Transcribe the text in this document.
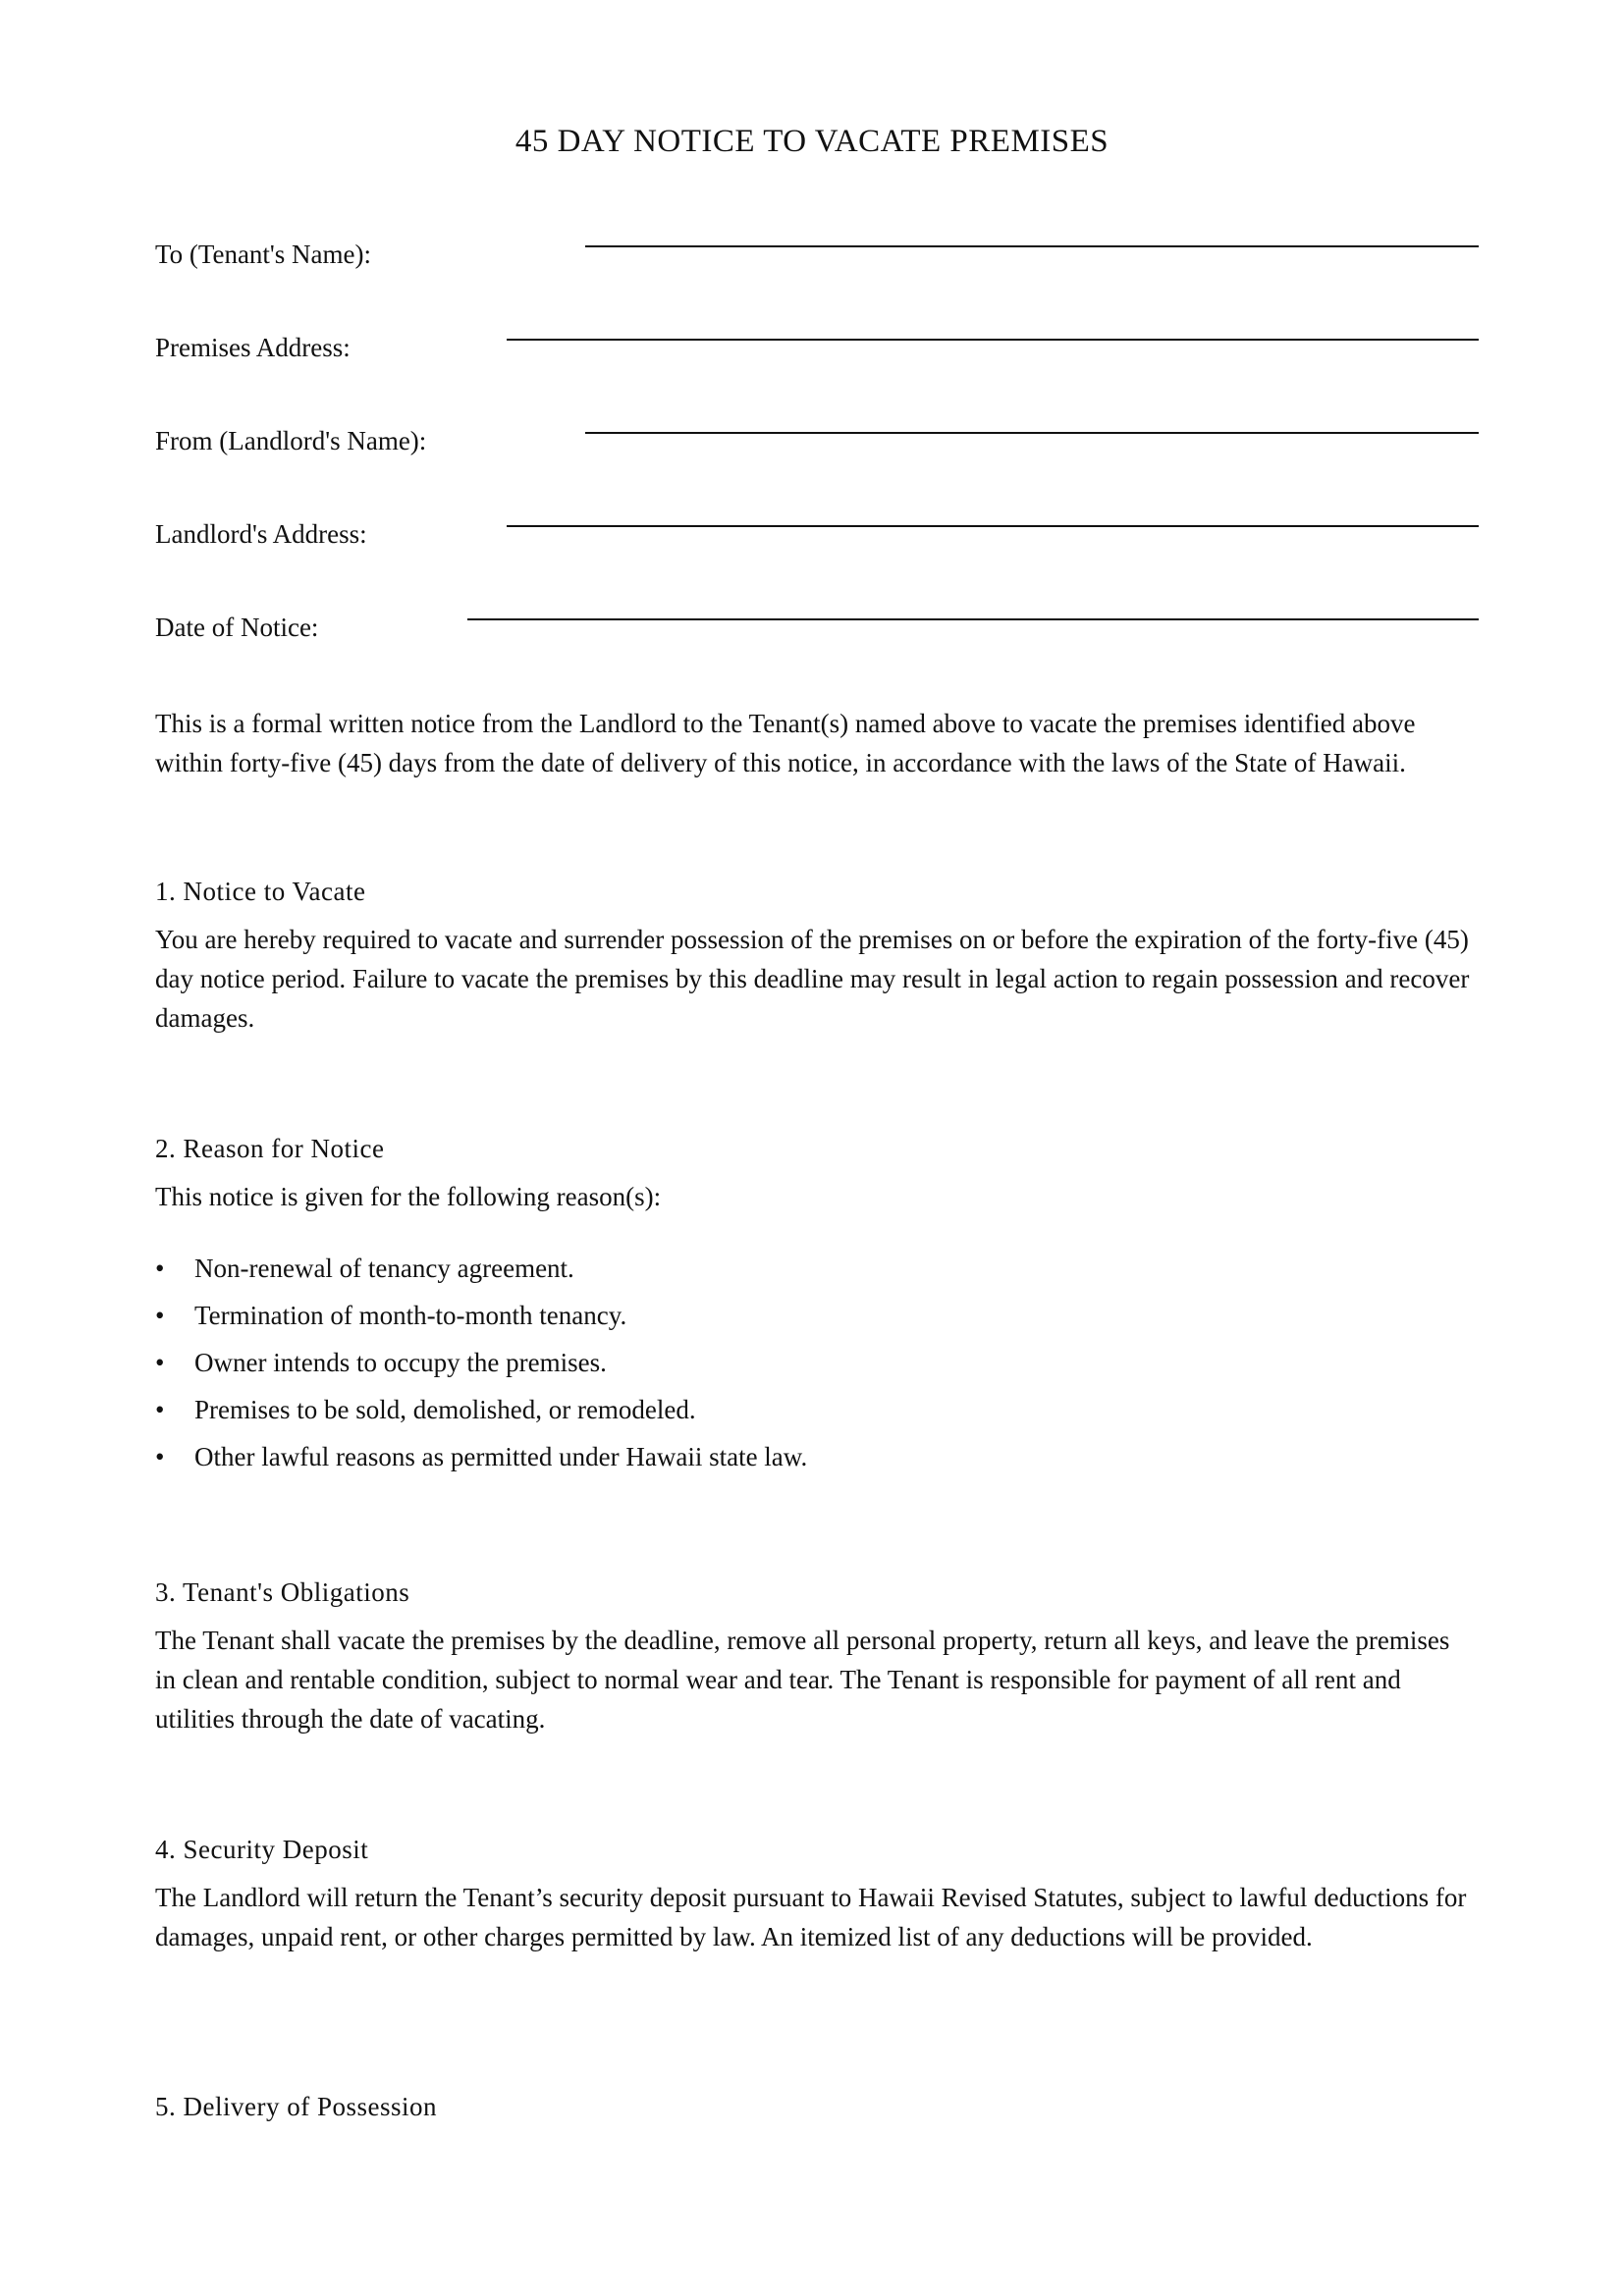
45 DAY NOTICE TO VACATE PREMISES
To (Tenant's Name):
Premises Address:
From (Landlord's Name):
Landlord's Address:
Date of Notice:
This is a formal written notice from the Landlord to the Tenant(s) named above to vacate the premises identified above within forty-five (45) days from the date of delivery of this notice, in accordance with the laws of the State of Hawaii.
1. Notice to Vacate
You are hereby required to vacate and surrender possession of the premises on or before the expiration of the forty-five (45) day notice period. Failure to vacate the premises by this deadline may result in legal action to regain possession and recover damages.
2. Reason for Notice
This notice is given for the following reason(s):
• Non-renewal of tenancy agreement.
• Termination of month-to-month tenancy.
• Owner intends to occupy the premises.
• Premises to be sold, demolished, or remodeled.
• Other lawful reasons as permitted under Hawaii state law.
3. Tenant's Obligations
The Tenant shall vacate the premises by the deadline, remove all personal property, return all keys, and leave the premises in clean and rentable condition, subject to normal wear and tear. The Tenant is responsible for payment of all rent and utilities through the date of vacating.
4. Security Deposit
The Landlord will return the Tenant’s security deposit pursuant to Hawaii Revised Statutes, subject to lawful deductions for damages, unpaid rent, or other charges permitted by law. An itemized list of any deductions will be provided.
5. Delivery of Possession
